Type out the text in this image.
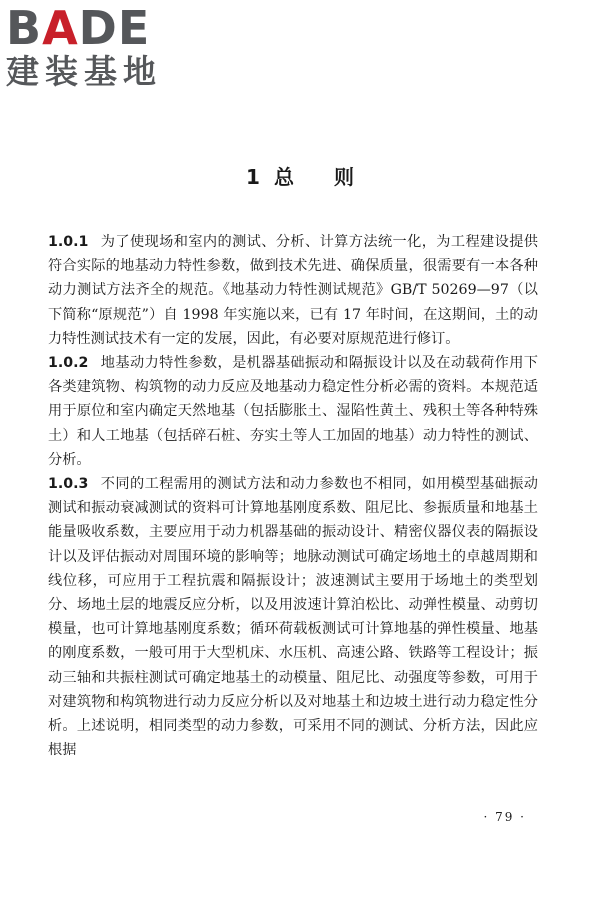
BADE
建装基地
1 总 则

1.0.1 为了使现场和室内的测试、分析、计算方法统一化，为工程建设提供符合实际的地基动力特性参数，做到技术先进、确保质量，很需要有一本各种动力测试方法齐全的规范。《地基动力特性测试规范》GB/T 50269—97（以下简称“原规范”）自 1998 年实施以来，已有 17 年时间，在这期间，土的动力特性测试技术有一定的发展，因此，有必要对原规范进行修订。

1.0.2 地基动力特性参数，是机器基础振动和隔振设计以及在动载荷作用下各类建筑物、构筑物的动力反应及地基动力稳定性分析必需的资料。本规范适用于原位和室内确定天然地基（包括膨胀土、湿陷性黄土、残积土等各种特殊土）和人工地基（包括碎石桩、夯实土等人工加固的地基）动力特性的测试、分析。

1.0.3 不同的工程需用的测试方法和动力参数也不相同，如用模型基础振动测试和振动衰减测试的资料可计算地基刚度系数、阻尼比、参振质量和地基土能量吸收系数，主要应用于动力机器基础的振动设计、精密仪器仪表的隔振设计以及评估振动对周围环境的影响等；地脉动测试可确定场地土的卓越周期和线位移，可应用于工程抗震和隔振设计；波速测试主要用于场地土的类型划分、场地土层的地震反应分析，以及用波速计算泊松比、动弹性模量、动剪切模量，也可计算地基刚度系数；循环荷载板测试可计算地基的弹性模量、地基的刚度系数，一般可用于大型机床、水压机、高速公路、铁路等工程设计；振动三轴和共振柱测试可确定地基土的动模量、阻尼比、动强度等参数，可用于对建筑物和构筑物进行动力反应分析以及对地基土和边坡土进行动力稳定性分析。上述说明，相同类型的动力参数，可采用不同的测试、分析方法，因此应根据

· 79 ·
